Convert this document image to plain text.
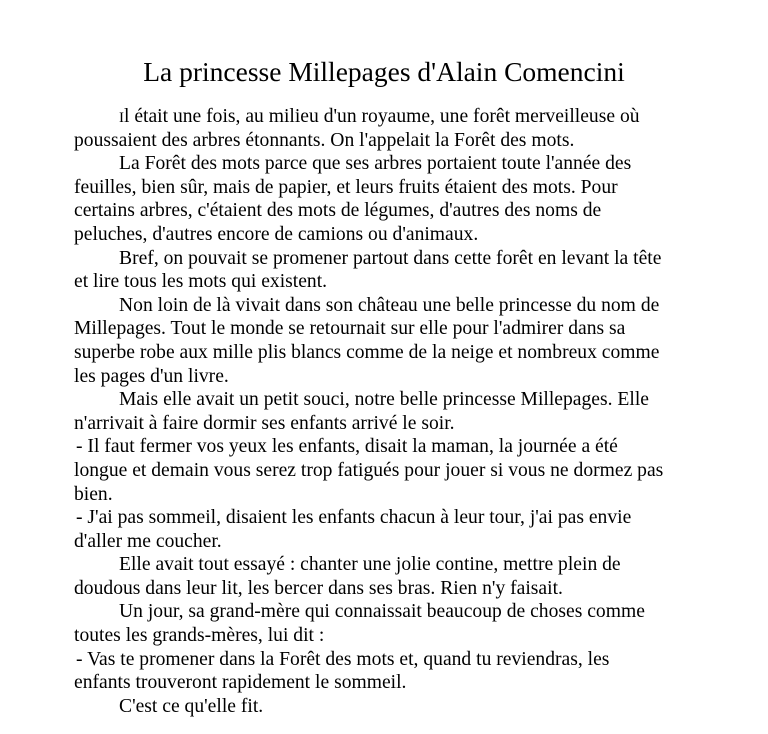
La princesse Millepages d'Alain Comencini
Il était une fois, au milieu d'un royaume, une forêt merveilleuse où
poussaient des arbres étonnants. On l'appelait la Forêt des mots.
La Forêt des mots parce que ses arbres portaient toute l'année des
feuilles, bien sûr, mais de papier, et leurs fruits étaient des mots. Pour
certains arbres, c'étaient des mots de légumes, d'autres des noms de
peluches, d'autres encore de camions ou d'animaux.
Bref, on pouvait se promener partout dans cette forêt en levant la tête
et lire tous les mots qui existent.
Non loin de là vivait dans son château une belle princesse du nom de
Millepages. Tout le monde se retournait sur elle pour l'admirer dans sa
superbe robe aux mille plis blancs comme de la neige et nombreux comme
les pages d'un livre.
Mais elle avait un petit souci, notre belle princesse Millepages. Elle
n'arrivait à faire dormir ses enfants arrivé le soir.
- Il faut fermer vos yeux les enfants, disait la maman, la journée a été
longue et demain vous serez trop fatigués pour jouer si vous ne dormez pas
bien.
- J'ai pas sommeil, disaient les enfants chacun à leur tour, j'ai pas envie
d'aller me coucher.
Elle avait tout essayé : chanter une jolie contine, mettre plein de
doudous dans leur lit, les bercer dans ses bras. Rien n'y faisait.
Un jour, sa grand-mère qui connaissait beaucoup de choses comme
toutes les grands-mères, lui dit :
- Vas te promener dans la Forêt des mots et, quand tu reviendras, les
enfants trouveront rapidement le sommeil.
C'est ce qu'elle fit.
